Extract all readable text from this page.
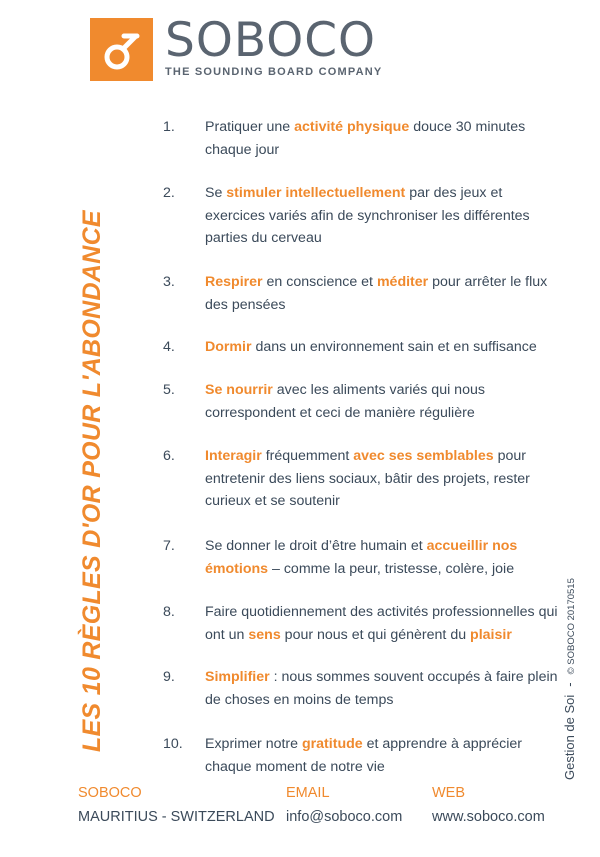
SOBOCO
THE SOUNDING BOARD COMPANY
LES 10 RÈGLES D'OR POUR L'ABONDANCE	Gestion de Soi
-
© SOBOCO 20170515
1.	Pratiquer une activité physique douce 30 minutes chaque jour
2.	Se stimuler intellectuellement par des jeux et exercices variés afin de synchroniser les différentes parties du cerveau
3.	Respirer en conscience et méditer pour arrêter le flux des pensées
4.	Dormir dans un environnement sain et en suffisance
5.	Se nourrir avec les aliments variés qui nous correspondent et ceci de manière régulière
6.	Interagir fréquemment avec ses semblables pour entretenir des liens sociaux, bâtir des projets, rester curieux et se soutenir
7.	Se donner le droit d’être humain et accueillir nos émotions – comme la peur, tristesse, colère, joie
8.	Faire quotidiennement des activités professionnelles qui ont un sens pour nous et qui génèrent du plaisir
9.	Simplifier : nous sommes souvent occupés à faire plein de choses en moins de temps
10.	Exprimer notre gratitude et apprendre à apprécier chaque moment de notre vie
SOBOCO
MAURITIUS - SWITZERLAND
EMAIL
info@soboco.com
WEB
www.soboco.com
